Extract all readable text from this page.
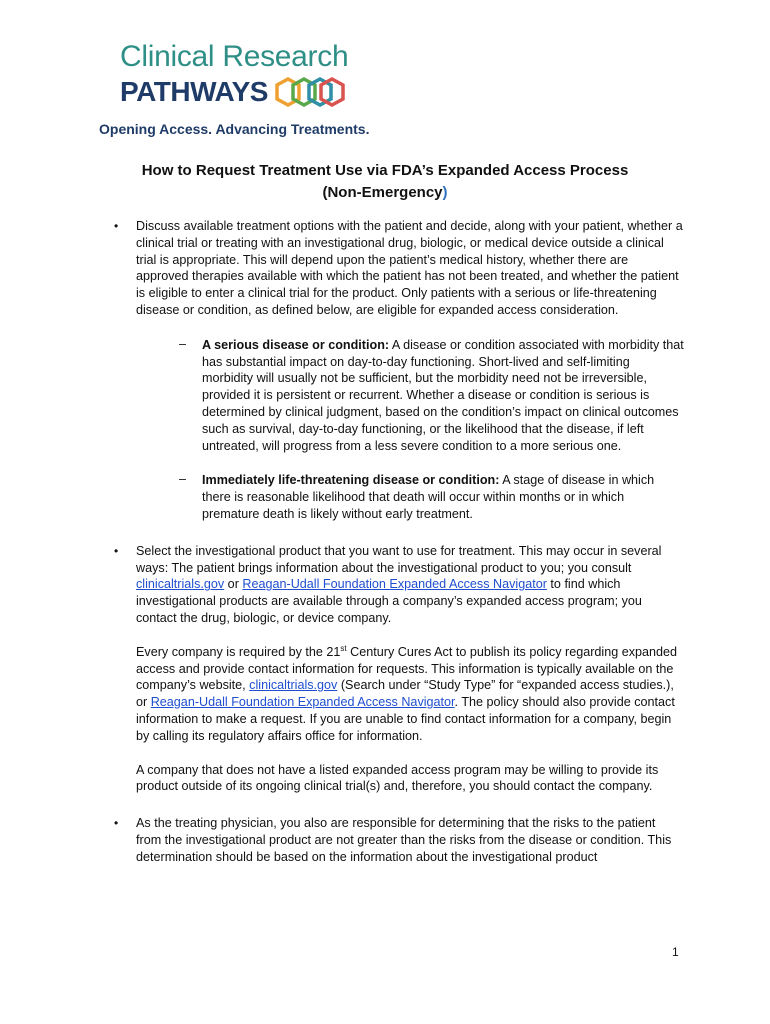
Clinical Research
PATHWAYS
Opening Access. Advancing Treatments.
How to Request Treatment Use via FDA’s Expanded Access Process
(Non-Emergency)
• Discuss available treatment options with the patient and decide, along with your patient, whether a clinical trial or treating with an investigational drug, biologic, or medical device outside a clinical trial is appropriate. This will depend upon the patient’s medical history, whether there are approved therapies available with which the patient has not been treated, and whether the patient is eligible to enter a clinical trial for the product. Only patients with a serious or life-threatening disease or condition, as defined below, are eligible for expanded access consideration.

– A serious disease or condition: A disease or condition associated with morbidity that has substantial impact on day-to-day functioning. Short-lived and self-limiting morbidity will usually not be sufficient, but the morbidity need not be irreversible, provided it is persistent or recurrent. Whether a disease or condition is serious is determined by clinical judgment, based on the condition’s impact on clinical outcomes such as survival, day-to-day functioning, or the likelihood that the disease, if left untreated, will progress from a less severe condition to a more serious one.

– Immediately life-threatening disease or condition: A stage of disease in which there is reasonable likelihood that death will occur within months or in which premature death is likely without early treatment.

• Select the investigational product that you want to use for treatment. This may occur in several ways: The patient brings information about the investigational product to you; you consult clinicaltrials.gov or Reagan-Udall Foundation Expanded Access Navigator to find which investigational products are available through a company’s expanded access program; you contact the drug, biologic, or device company.

Every company is required by the 21st Century Cures Act to publish its policy regarding expanded access and provide contact information for requests. This information is typically available on the company’s website, clinicaltrials.gov (Search under “Study Type” for “expanded access studies.), or Reagan-Udall Foundation Expanded Access Navigator. The policy should also provide contact information to make a request. If you are unable to find contact information for a company, begin by calling its regulatory affairs office for information.

A company that does not have a listed expanded access program may be willing to provide its product outside of its ongoing clinical trial(s) and, therefore, you should contact the company.

• As the treating physician, you also are responsible for determining that the risks to the patient from the investigational product are not greater than the risks from the disease or condition. This determination should be based on the information about the investigational product

1
